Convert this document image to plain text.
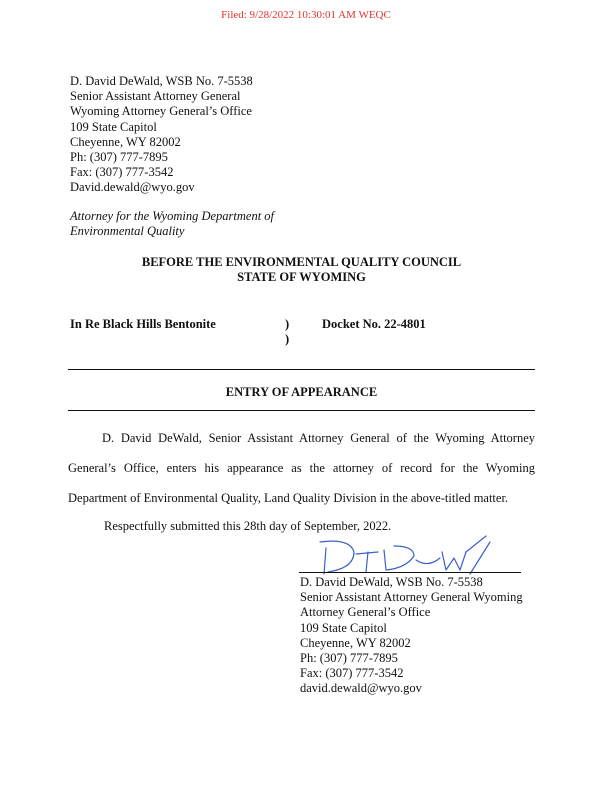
Filed: 9/28/2022 10:30:01 AM WEQC
D. David DeWald, WSB No. 7-5538
Senior Assistant Attorney General
Wyoming Attorney General’s Office
109 State Capitol
Cheyenne, WY 82002
Ph: (307) 777-7895
Fax: (307) 777-3542
David.dewald@wyo.gov
Attorney for the Wyoming Department of
Environmental Quality
BEFORE THE ENVIRONMENTAL QUALITY COUNCIL
STATE OF WYOMING
In Re Black Hills Bentonite	)
)
Docket No. 22-4801
ENTRY OF APPEARANCE

D. David DeWald, Senior Assistant Attorney General of the Wyoming Attorney

General’s Office, enters his appearance as the attorney of record for the Wyoming

Department of Environmental Quality, Land Quality Division in the above-titled matter.

Respectfully submitted this 28th day of September, 2022.
D. David DeWald, WSB No. 7-5538
Senior Assistant Attorney General Wyoming
Attorney General’s Office
109 State Capitol
Cheyenne, WY 82002
Ph: (307) 777-7895
Fax: (307) 777-3542
david.dewald@wyo.gov
